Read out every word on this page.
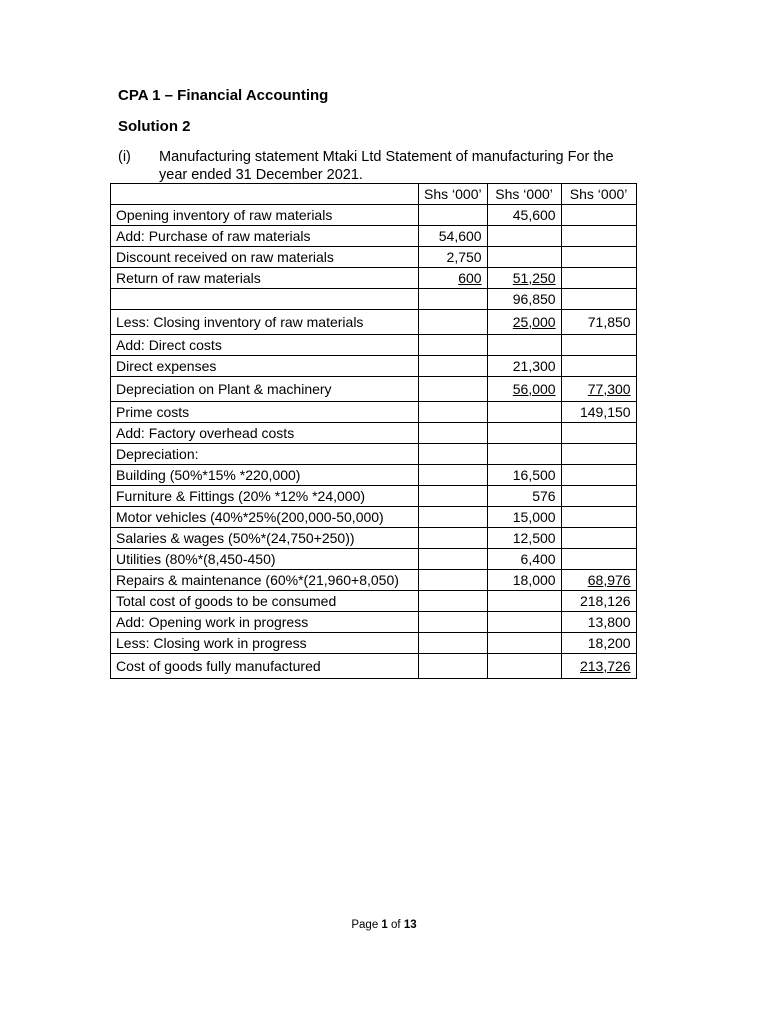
CPA 1 – Financial Accounting
Solution 2
(i) Manufacturing statement Mtaki Ltd Statement of manufacturing For the year ended 31 December 2021.
	Shs ‘000’	Shs ‘000’	Shs ‘000’
Opening inventory of raw materials		45,600	
Add: Purchase of raw materials	54,600		
Discount received on raw materials	2,750		
Return of raw materials	600	51,250	
		96,850	
Less: Closing inventory of raw materials		25,000	71,850
Add: Direct costs			
Direct expenses		21,300	
Depreciation on Plant & machinery		56,000	77,300
Prime costs			149,150
Add: Factory overhead costs			
Depreciation:			
Building (50%*15% *220,000)		16,500	
Furniture & Fittings (20% *12% *24,000)		576	
Motor vehicles (40%*25%(200,000-50,000)		15,000	
Salaries & wages (50%*(24,750+250))		12,500	
Utilities (80%*(8,450-450)		6,400	
Repairs & maintenance (60%*(21,960+8,050)		18,000	68,976
Total cost of goods to be consumed			218,126
Add: Opening work in progress			13,800
Less: Closing work in progress			18,200
Cost of goods fully manufactured			213,726
Page 1 of 13
